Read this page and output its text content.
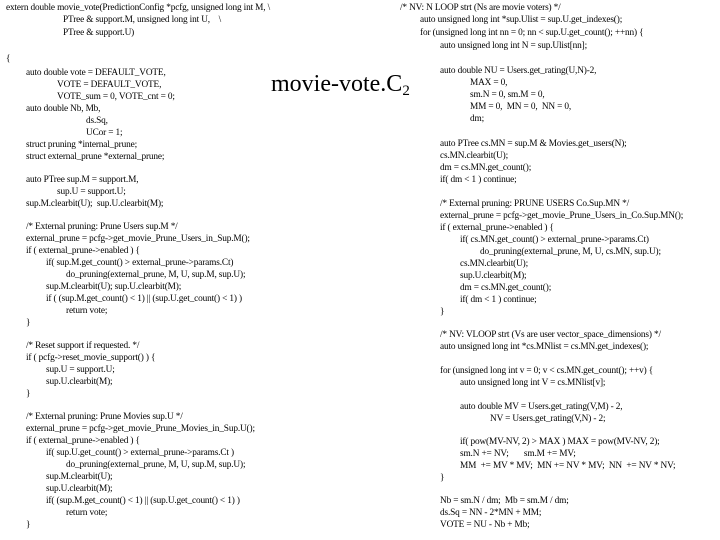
movie-$vote.C_2$
extern double movie_vote(PredictionConfig *pcfg, unsigned long int M, \
PTree & support.M, unsigned long int U,    \
PTree & support.U)
{
auto double vote = DEFAULT_VOTE,
VOTE = DEFAULT_VOTE,
VOTE_sum = 0, VOTE_cnt = 0;
auto double Nb, Mb,
ds.Sq,
UCor = 1;
struct pruning *internal_prune;
struct external_prune *external_prune;
auto PTree sup.M = support.M,
sup.U = support.U;
sup.M.clearbit(U);  sup.U.clearbit(M);
/* External pruning: Prune Users sup.M */
external_prune = pcfg->get_movie_Prune_Users_in_Sup.M();
if ( external_prune->enabled ) {
if( sup.M.get_count() > external_prune->params.Ct)
do_pruning(external_prune, M, U, sup.M, sup.U);
sup.M.clearbit(U); sup.U.clearbit(M);
if ( (sup.M.get_count() < 1) || (sup.U.get_count() < 1) )
return vote;
}
/* Reset support if requested. */
if ( pcfg->reset_movie_support() ) {
sup.U = support.U;
sup.U.clearbit(M);
}
/* External pruning: Prune Movies sup.U */
external_prune = pcfg->get_movie_Prune_Movies_in_Sup.U();
if ( external_prune->enabled ) {
if( sup.U.get_count() > external_prune->params.Ct )
do_pruning(external_prune, M, U, sup.M, sup.U);
sup.M.clearbit(U);
sup.U.clearbit(M);
if( (sup.M.get_count() < 1) || (sup.U.get_count() < 1) )
return vote;
}
/* NV: N LOOP strt (Ns are movie voters) */
auto unsigned long int *sup.Ulist = sup.U.get_indexes();
for (unsigned long int nn = 0; nn < sup.U.get_count(); ++nn) {
auto unsigned long int N = sup.Ulist[nn];
auto double NU = Users.get_rating(U,N)-2,
MAX = 0,
sm.N = 0, sm.M = 0,
MM = 0,  MN = 0,  NN = 0,
dm;
auto PTree cs.MN = sup.M & Movies.get_users(N);
cs.MN.clearbit(U);
dm = cs.MN.get_count();
if( dm < 1 ) continue;
/* External pruning: PRUNE USERS Co.Sup.MN */
external_prune = pcfg->get_movie_Prune_Users_in_Co.Sup.MN();
if ( external_prune->enabled ) {
if( cs.MN.get_count() > external_prune->params.Ct)
do_pruning(external_prune, M, U, cs.MN, sup.U);
cs.MN.clearbit(U);
sup.U.clearbit(M);
dm = cs.MN.get_count();
if( dm < 1 ) continue;
}
/* NV: VLOOP strt (Vs are user vector_space_dimensions) */
auto unsigned long int *cs.MNlist = cs.MN.get_indexes();
for (unsigned long int v = 0; v < cs.MN.get_count(); ++v) {
auto unsigned long int V = cs.MNlist[v];
auto double MV = Users.get_rating(V,M) - 2,
NV = Users.get_rating(V,N) - 2;
if( pow(MV-NV, 2) > MAX ) MAX = pow(MV-NV, 2);
sm.N += NV;       sm.M += MV;
MM  += MV * MV;  MN += NV * MV;  NN  += NV * NV;
}
Nb = sm.N / dm;  Mb = sm.M / dm;
ds.Sq = NN - 2*MN + MM;
VOTE = NU - Nb + Mb;
